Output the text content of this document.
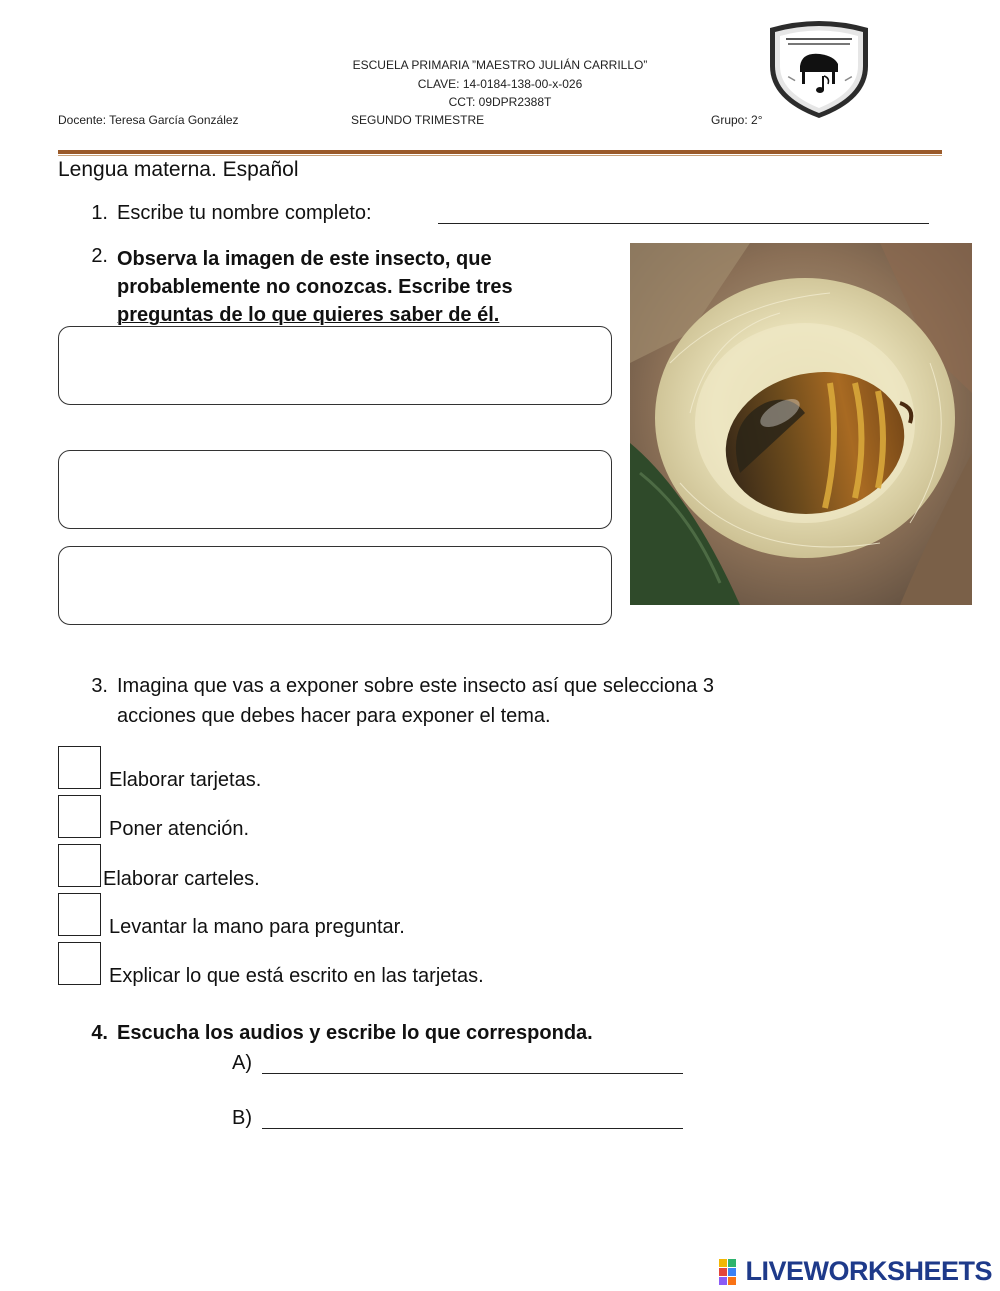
ESCUELA PRIMARIA ”MAESTRO JULIÁN CARRILLO”
CLAVE: 14-0184-138-00-x-026
CCT: 09DPR2388T
Docente: Teresa García González	SEGUNDO TRIMESTRE	Grupo: 2°
Lengua materna. Español
1. Escribe tu nombre completo:
2. Observa la imagen de este insecto, que
probablemente no conozcas. Escribe tres
preguntas de lo que quieres saber de él.
3. Imagina que vas a exponer sobre este insecto así que selecciona 3
acciones que debes hacer para exponer el tema.
Elaborar tarjetas.
Poner atención.
Elaborar carteles.
Levantar la mano para preguntar.
Explicar lo que está escrito en las tarjetas.
4. Escucha los audios y escribe lo que corresponda.
A)
B)
LIVEWORKSHEETS
